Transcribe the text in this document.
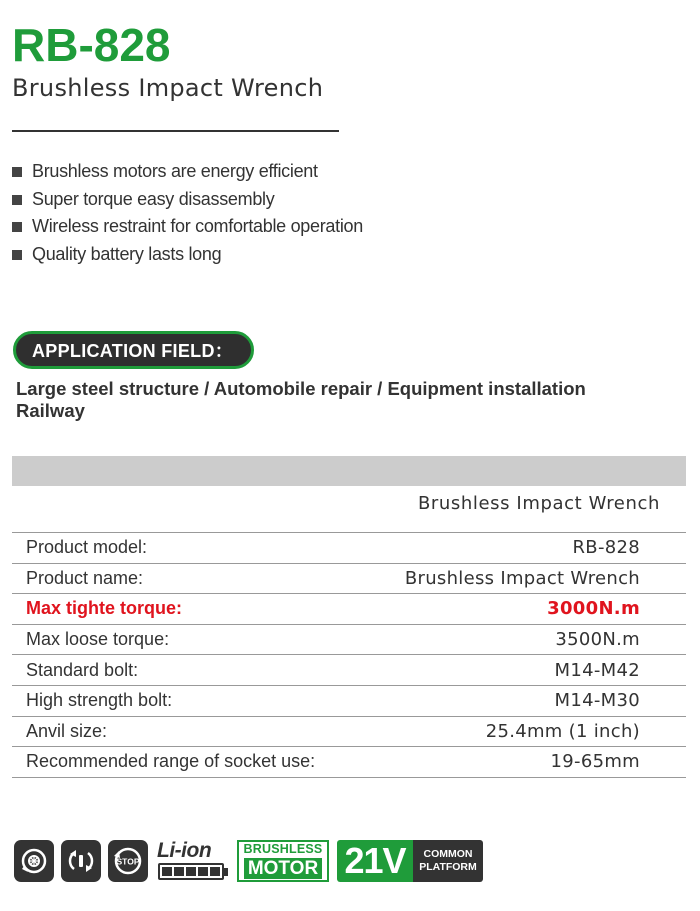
RB-828
Brushless Impact Wrench
Brushless motors are energy efficient
Super torque easy disassembly
Wireless restraint for comfortable operation
Quality battery lasts long
APPLICATION FIELD：
Large steel structure / Automobile repair / Equipment installation
Railway
Brushless Impact Wrench
Product model:	RB-828
Product name:	Brushless Impact Wrench
Max tighte torque:	3000N.m
Max loose torque:	3500N.m
Standard bolt:	M14-M42
High strength bolt:	M14-M30
Anvil size:	25.4mm (1 inch)
Recommended range of socket use:	19-65mm
STOP Li-ion	BRUSHLESS
MOTOR 21V	COMMON
PLATFORM
